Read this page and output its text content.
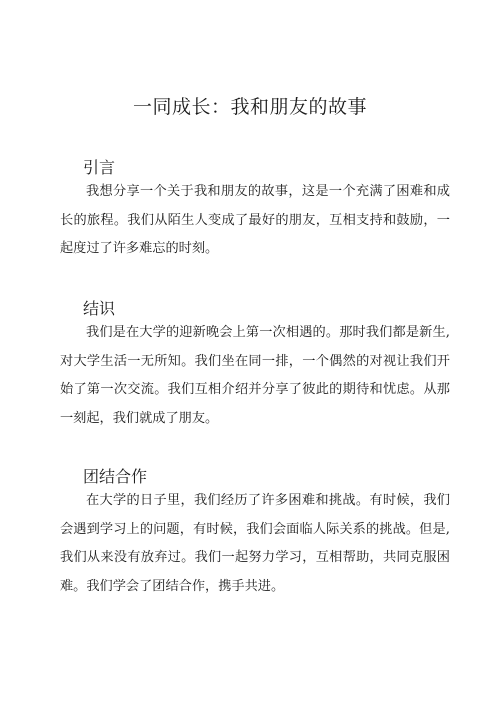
一同成长：我和朋友的故事
引言

我想分享一个关于我和朋友的故事，这是一个充满了困难和成长的旅程。我们从陌生人变成了最好的朋友，互相支持和鼓励，一起度过了许多难忘的时刻。

结识

我们是在大学的迎新晚会上第一次相遇的。那时我们都是新生,对大学生活一无所知。我们坐在同一排，一个偶然的对视让我们开始了第一次交流。我们互相介绍并分享了彼此的期待和忧虑。从那一刻起，我们就成了朋友。

团结合作

在大学的日子里，我们经历了许多困难和挑战。有时候，我们会遇到学习上的问题，有时候，我们会面临人际关系的挑战。但是,我们从来没有放弃过。我们一起努力学习，互相帮助，共同克服困难。我们学会了团结合作，携手共进。
